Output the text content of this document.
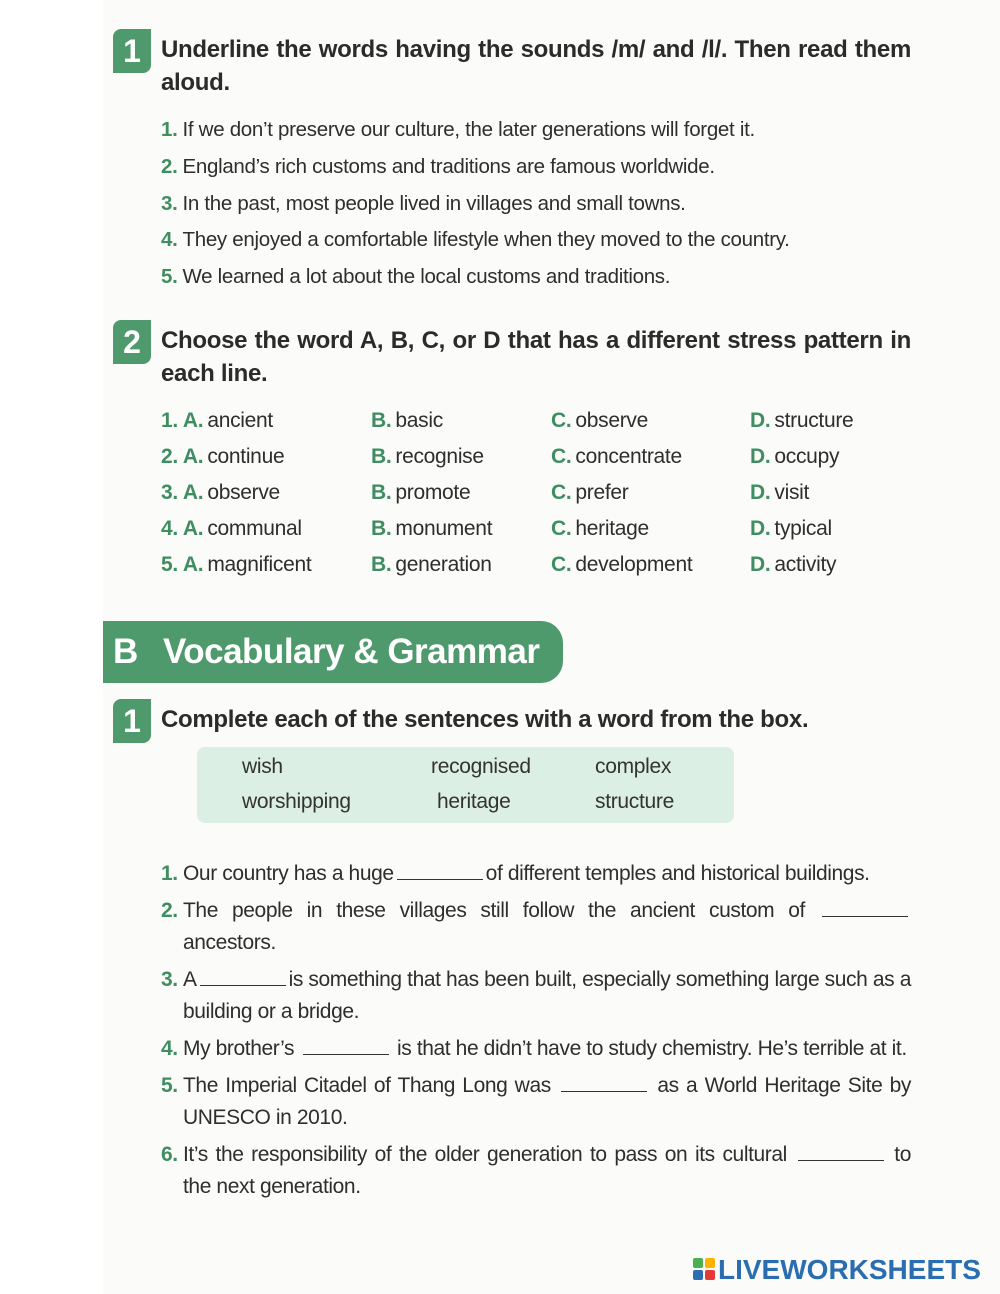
1 Underline the words having the sounds /m/ and /l/. Then read them aloud.
1. If we don’t preserve our culture, the later generations will forget it.
2. England’s rich customs and traditions are famous worldwide.
3. In the past, most people lived in villages and small towns.
4. They enjoyed a comfortable lifestyle when they moved to the country.
5. We learned a lot about the local customs and traditions.
2 Choose the word A, B, C, or D that has a different stress pattern in each line.
1. A. ancient	B. basic	C. observe	D. structure
2. A. continue	B. recognise	C. concentrate	D. occupy
3. A. observe	B. promote	C. prefer	D. visit
4. A. communal	B. monument	C. heritage	D. typical
5. A. magnificent	B. generation	C. development	D. activity
B Vocabulary & Grammar
1 Complete each of the sentences with a word from the box.
wish	recognised	complex
worshipping	heritage	structure
1. Our country has a huge	of different temples and historical buildings.
2. The people in these villages still follow the ancient custom of  ancestors.
3. A	is something that has been built, especially something large such as a building or a bridge.
4. My brother’s	is that he didn’t have to study chemistry. He’s terrible at it.
5. The Imperial Citadel of Thang Long was	as a World Heritage Site by UNESCO in 2010.
6. It’s the responsibility of the older generation to pass on its cultural	to the next generation.
LIVEWORKSHEETS
